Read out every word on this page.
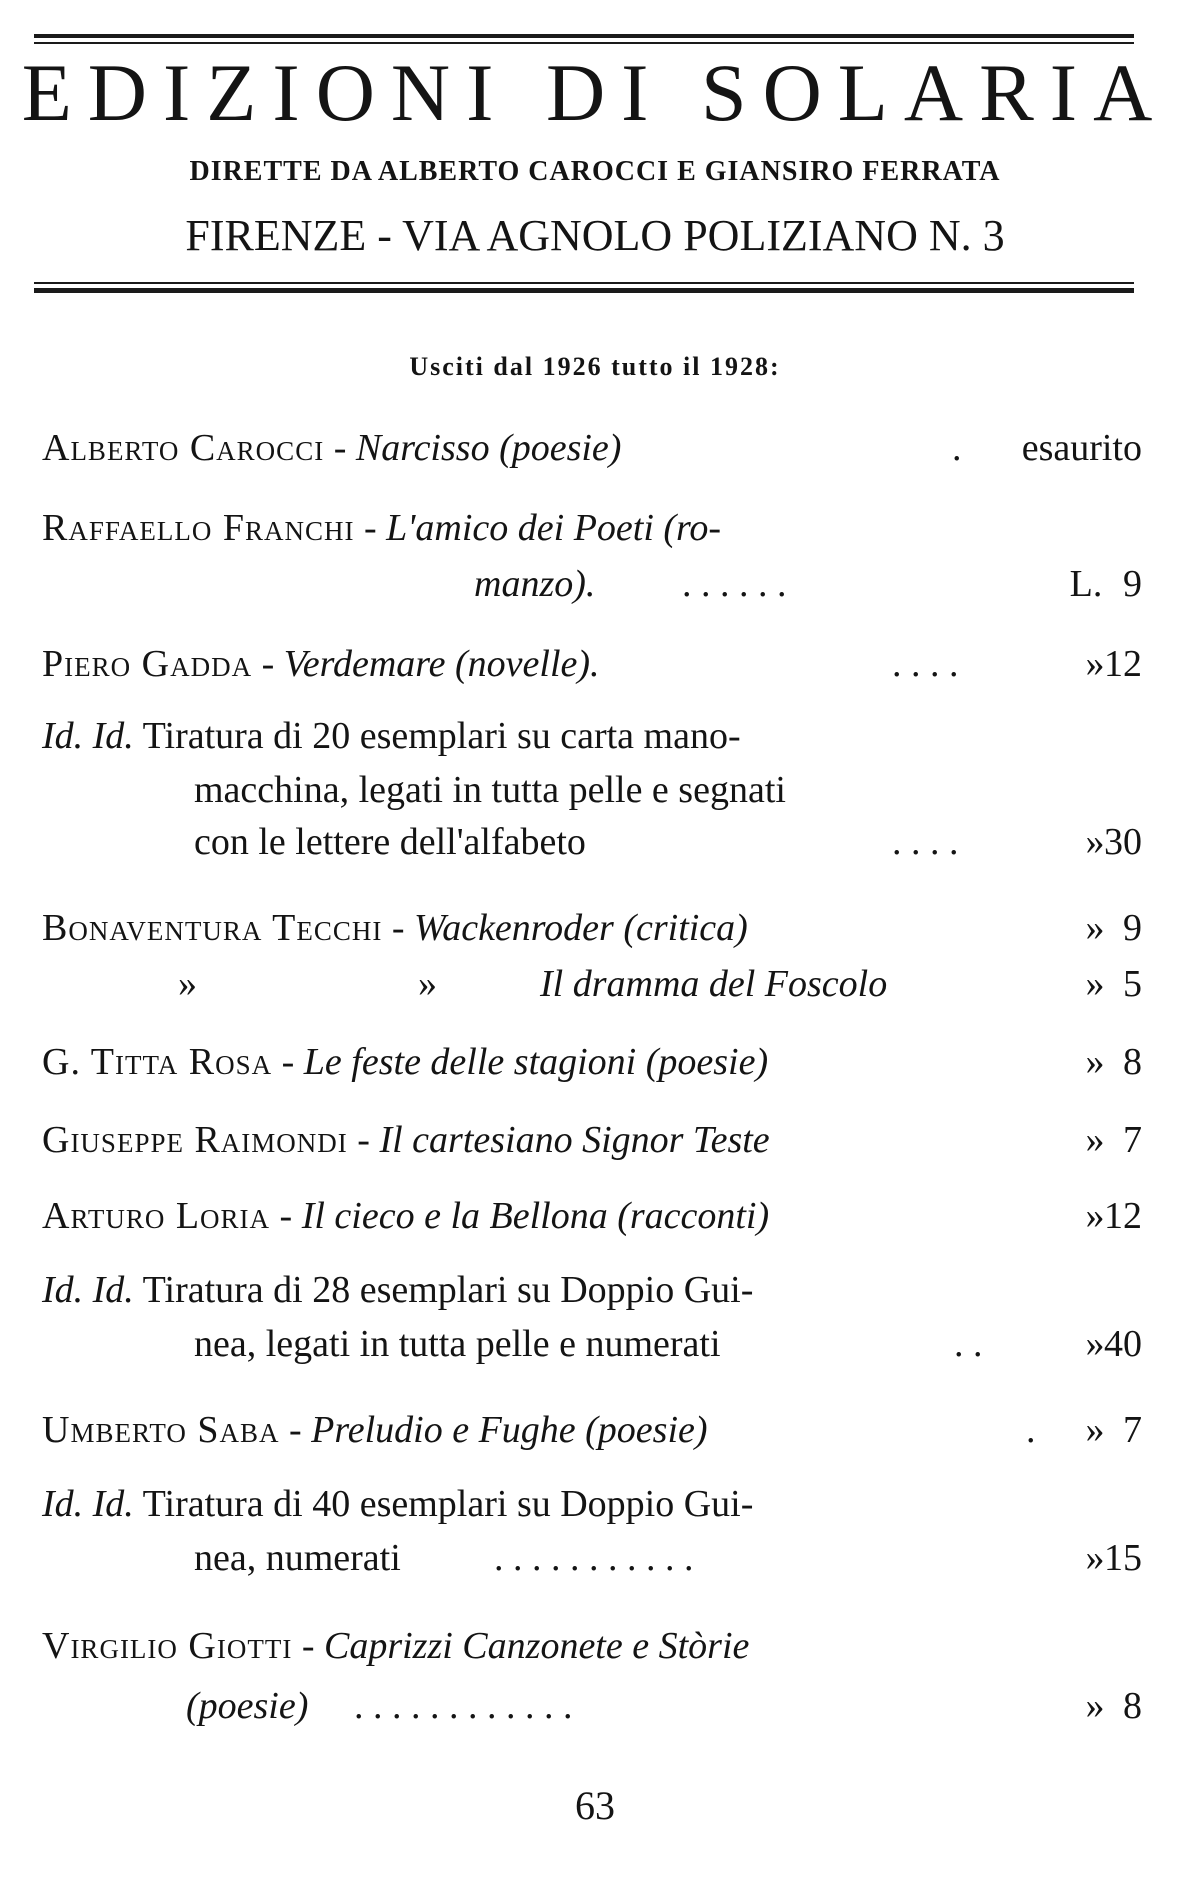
EDIZIONI DI SOLARIA
DIRETTE DA ALBERTO CAROCCI E GIANSIRO FERRATA
FIRENZE - VIA AGNOLO POLIZIANO N. 3
Usciti dal 1926 tutto il 1928:
Alberto Carocci - Narcisso (poesie)	. esaurito
Raffaello Franchi - L'amico dei Poeti (ro-
manzo). . . . . . .	L. 9
Piero Gadda - Verdemare (novelle).	. . . .	» 12
Id. Id. Tiratura di 20 esemplari su carta mano-
macchina, legati in tutta pelle e segnati
con le lettere dell'alfabeto	. . . .	» 30
Bonaventura Tecchi - Wackenroder (critica)	» 9
»	»	Il dramma del Foscolo	» 5
G. Titta Rosa - Le feste delle stagioni (poesie)	» 8
Giuseppe Raimondi - Il cartesiano Signor Teste	» 7
Arturo Loria - Il cieco e la Bellona (racconti)	» 12
Id. Id. Tiratura di 28 esemplari su Doppio Gui-
nea, legati in tutta pelle e numerati	. .	» 40
Umberto Saba - Preludio e Fughe (poesie)	. » 7
Id. Id. Tiratura di 40 esemplari su Doppio Gui-
nea, numerati . . . . . . . . . . .	» 15
Virgilio Giotti - Caprizzi Canzonete e Stòrie
(poesie) . . . . . . . . . . . .	» 8
63
